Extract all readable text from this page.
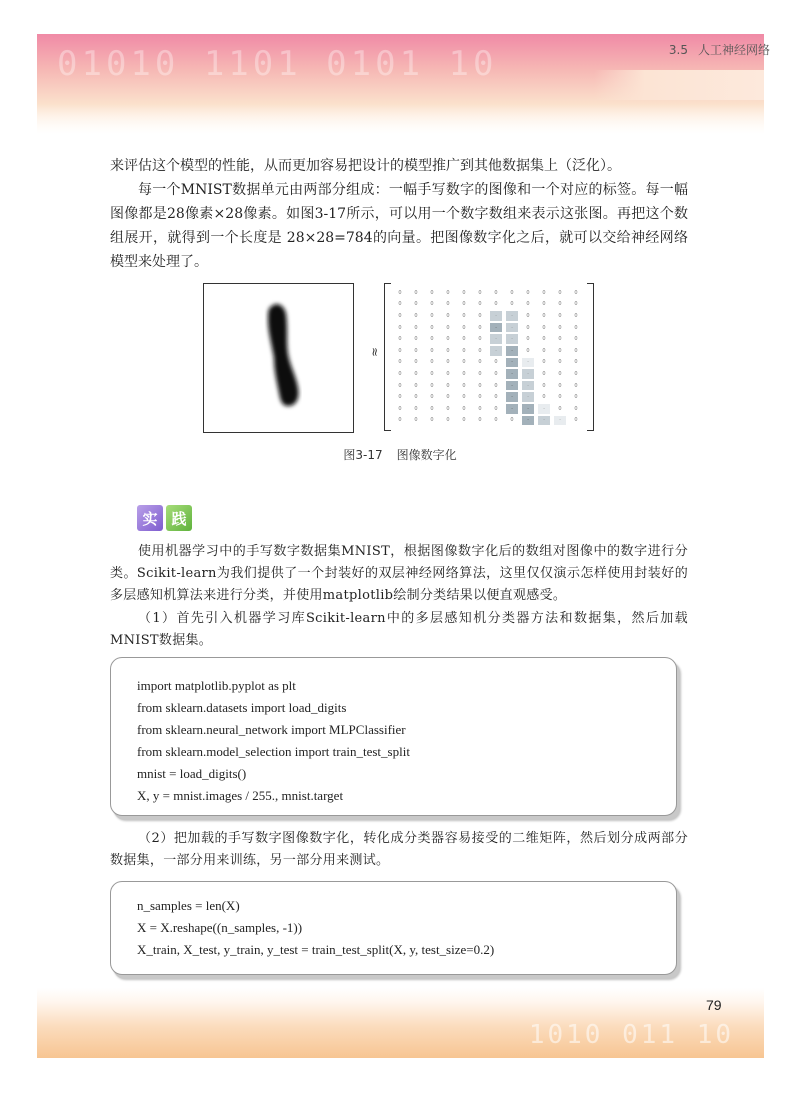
01010 1101 0101 10
1010 011 10
3.5 人工神经网络

来评估这个模型的性能，从而更加容易把设计的模型推广到其他数据集上（泛化）。

每一个MNIST数据单元由两部分组成：一幅手写数字的图像和一个对应的标签。每一幅图像都是28像素×28像素。如图3-17所示，可以用一个数字数组来表示这张图。再把这个数组展开，就得到一个长度是 28×28=784的向量。把图像数字化之后，就可以交给神经网络模型来处理了。

≈
0	0	0	0	0	0	0	0	0	0	0	0
0	0	0	0	0	0	0	0	0	0	0	0
0	0	0	0	0	0	·	·	0	0	0	0
0	0	0	0	0	0	·	·	0	0	0	0
0	0	0	0	0	0	·	·	0	0	0	0
0	0	0	0	0	0	·	·	0	0	0	0
0	0	0	0	0	0	0	·	·	0	0	0
0	0	0	0	0	0	0	·	·	0	0	0
0	0	0	0	0	0	0	·	·	0	0	0
0	0	0	0	0	0	0	·	·	0	0	0
0	0	0	0	0	0	0	·	·	·	0	0
0	0	0	0	0	0	0	0	·	·	·	0
图3-17 图像数字化
实 践

使用机器学习中的手写数字数据集MNIST，根据图像数字化后的数组对图像中的数字进行分类。Scikit-learn为我们提供了一个封装好的双层神经网络算法，这里仅仅演示怎样使用封装好的多层感知机算法来进行分类，并使用matplotlib绘制分类结果以便直观感受。

（1）首先引入机器学习库Scikit-learn中的多层感知机分类器方法和数据集，然后加载MNIST数据集。

import matplotlib.pyplot as plt
from sklearn.datasets import load_digits
from sklearn.neural_network import MLPClassifier
from sklearn.model_selection import train_test_split
mnist = load_digits()
X, y = mnist.images / 255., mnist.target

（2）把加载的手写数字图像数字化，转化成分类器容易接受的二维矩阵，然后划分成两部分数据集，一部分用来训练，另一部分用来测试。

n_samples = len(X)
X = X.reshape((n_samples, -1))
X_train, X_test, y_train, y_test = train_test_split(X, y, test_size=0.2)
79
